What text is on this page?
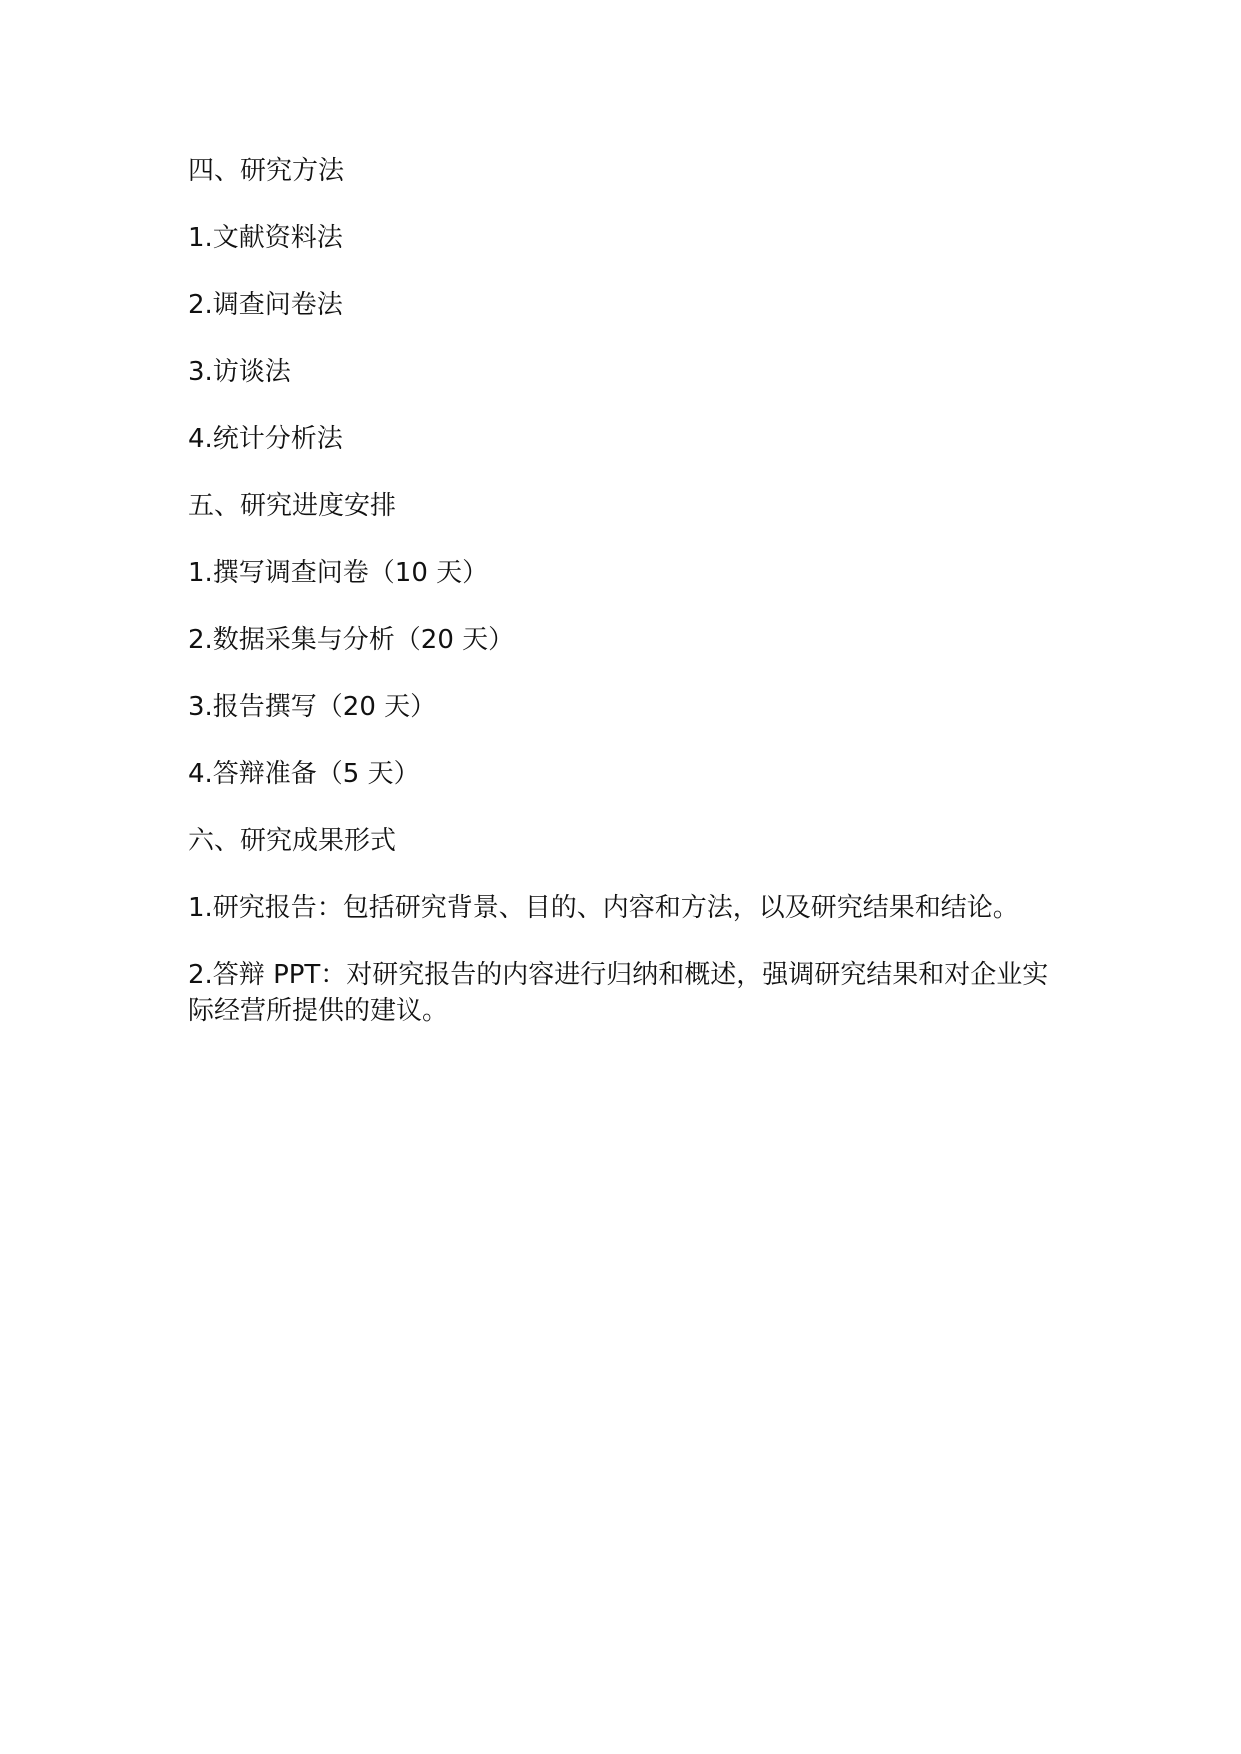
四、研究方法
1.文献资料法
2.调查问卷法
3.访谈法
4.统计分析法
五、研究进度安排
1.撰写调查问卷（10 天）
2.数据采集与分析（20 天）
3.报告撰写（20 天）
4.答辩准备（5 天）
六、研究成果形式
1.研究报告：包括研究背景、目的、内容和方法，以及研究结果和结论。
2.答辩 PPT：对研究报告的内容进行归纳和概述，强调研究结果和对企业实际经营所提供的建议。
